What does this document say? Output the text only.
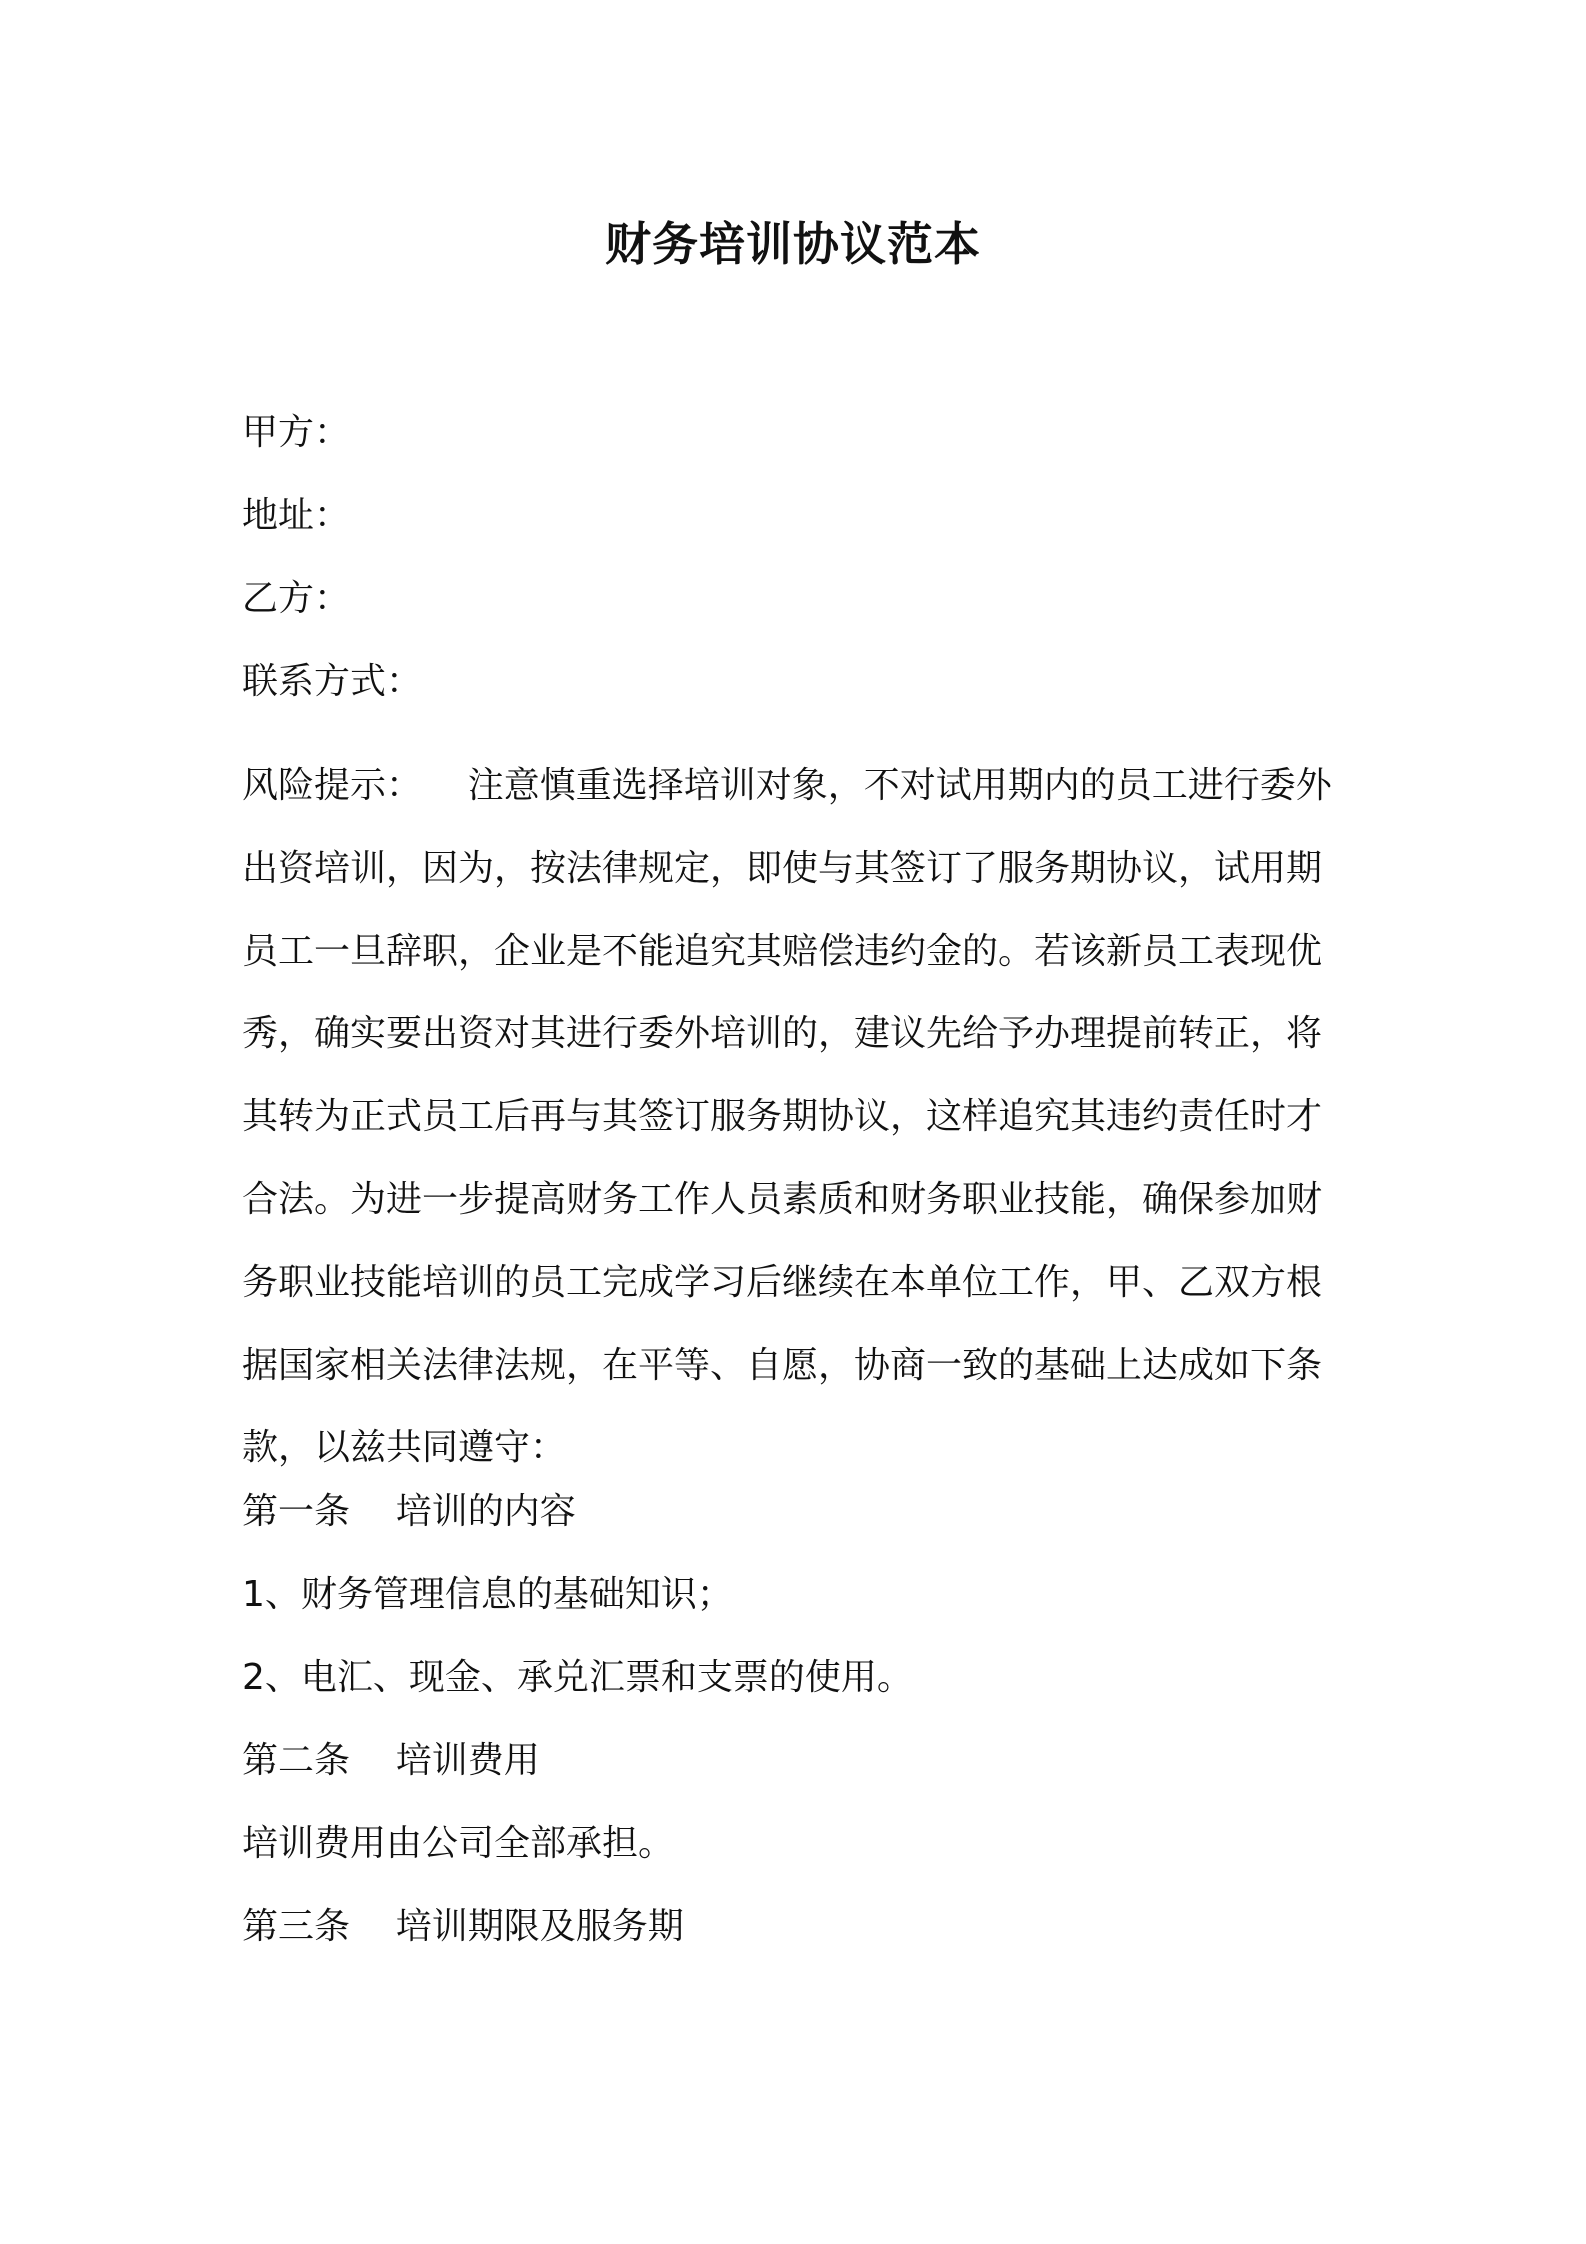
财务培训协议范本
甲方：
地址：
乙方：
联系方式：
风险提示：    注意慎重选择培训对象，不对试用期内的员工进行委外
出资培训，因为，按法律规定，即使与其签订了服务期协议，试用期
员工一旦辞职，企业是不能追究其赔偿违约金的。若该新员工表现优
秀，确实要出资对其进行委外培训的，建议先给予办理提前转正，将
其转为正式员工后再与其签订服务期协议，这样追究其违约责任时才
合法。为进一步提高财务工作人员素质和财务职业技能，确保参加财
务职业技能培训的员工完成学习后继续在本单位工作，甲、乙双方根
据国家相关法律法规，在平等、自愿，协商一致的基础上达成如下条
款，以兹共同遵守：
第一条    培训的内容
1、财务管理信息的基础知识；
2、电汇、现金、承兑汇票和支票的使用。
第二条    培训费用
培训费用由公司全部承担。
第三条    培训期限及服务期
